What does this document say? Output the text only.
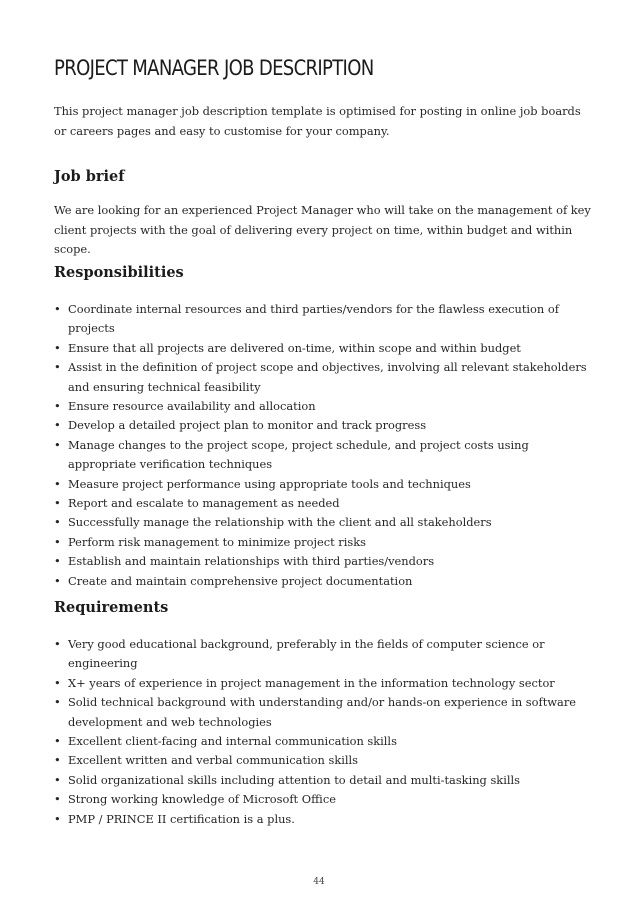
PROJECT MANAGER JOB DESCRIPTION

This project manager job description template is optimised for posting in online job boards or careers pages and easy to customise for your company.

Job brief

We are looking for an experienced Project Manager who will take on the management of key client projects with the goal of delivering every project on time, within budget and within scope.

Responsibilities
• Coordinate internal resources and third parties/vendors for the flawless execution of projects
• Ensure that all projects are delivered on-time, within scope and within budget
• Assist in the definition of project scope and objectives, involving all relevant stakeholders and ensuring technical feasibility
• Ensure resource availability and allocation
• Develop a detailed project plan to monitor and track progress
• Manage changes to the project scope, project schedule, and project costs using appropriate verification techniques
• Measure project performance using appropriate tools and techniques
• Report and escalate to management as needed
• Successfully manage the relationship with the client and all stakeholders
• Perform risk management to minimize project risks
• Establish and maintain relationships with third parties/vendors
• Create and maintain comprehensive project documentation
Requirements
• Very good educational background, preferably in the fields of computer science or engineering
• X+ years of experience in project management in the information technology sector
• Solid technical background with understanding and/or hands-on experience in software development and web technologies
• Excellent client-facing and internal communication skills
• Excellent written and verbal communication skills
• Solid organizational skills including attention to detail and multi-tasking skills
• Strong working knowledge of Microsoft Office
• PMP / PRINCE II certification is a plus.
44
